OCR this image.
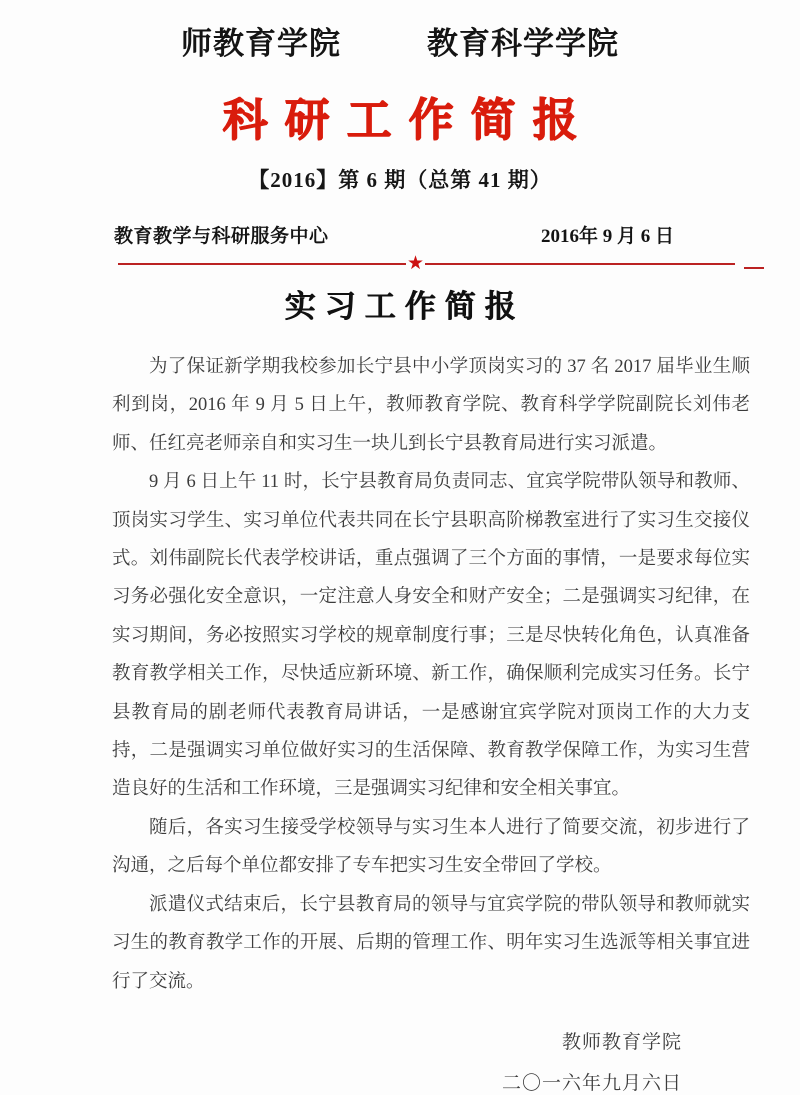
师教育学院	教育科学学院
科研工作简报
【2016】第 6 期（总第 41 期）
教育教学与科研服务中心	2016年 9 月 6 日
★
实习工作简报

为了保证新学期我校参加长宁县中小学顶岗实习的 37 名 2017 届毕业生顺利到岗，2016 年 9 月 5 日上午，教师教育学院、教育科学学院副院长刘伟老师、任红亮老师亲自和实习生一块儿到长宁县教育局进行实习派遣。

9 月 6 日上午 11 时，长宁县教育局负责同志、宜宾学院带队领导和教师、顶岗实习学生、实习单位代表共同在长宁县职高阶梯教室进行了实习生交接仪式。刘伟副院长代表学校讲话，重点强调了三个方面的事情，一是要求每位实习务必强化安全意识，一定注意人身安全和财产安全；二是强调实习纪律，在实习期间，务必按照实习学校的规章制度行事；三是尽快转化角色，认真准备教育教学相关工作，尽快适应新环境、新工作，确保顺利完成实习任务。长宁县教育局的剧老师代表教育局讲话，一是感谢宜宾学院对顶岗工作的大力支持，二是强调实习单位做好实习的生活保障、教育教学保障工作，为实习生营造良好的生活和工作环境，三是强调实习纪律和安全相关事宜。

随后，各实习生接受学校领导与实习生本人进行了简要交流，初步进行了沟通，之后每个单位都安排了专车把实习生安全带回了学校。

派遣仪式结束后，长宁县教育局的领导与宜宾学院的带队领导和教师就实习生的教育教学工作的开展、后期的管理工作、明年实习生选派等相关事宜进行了交流。

教师教育学院
二〇一六年九月六日
